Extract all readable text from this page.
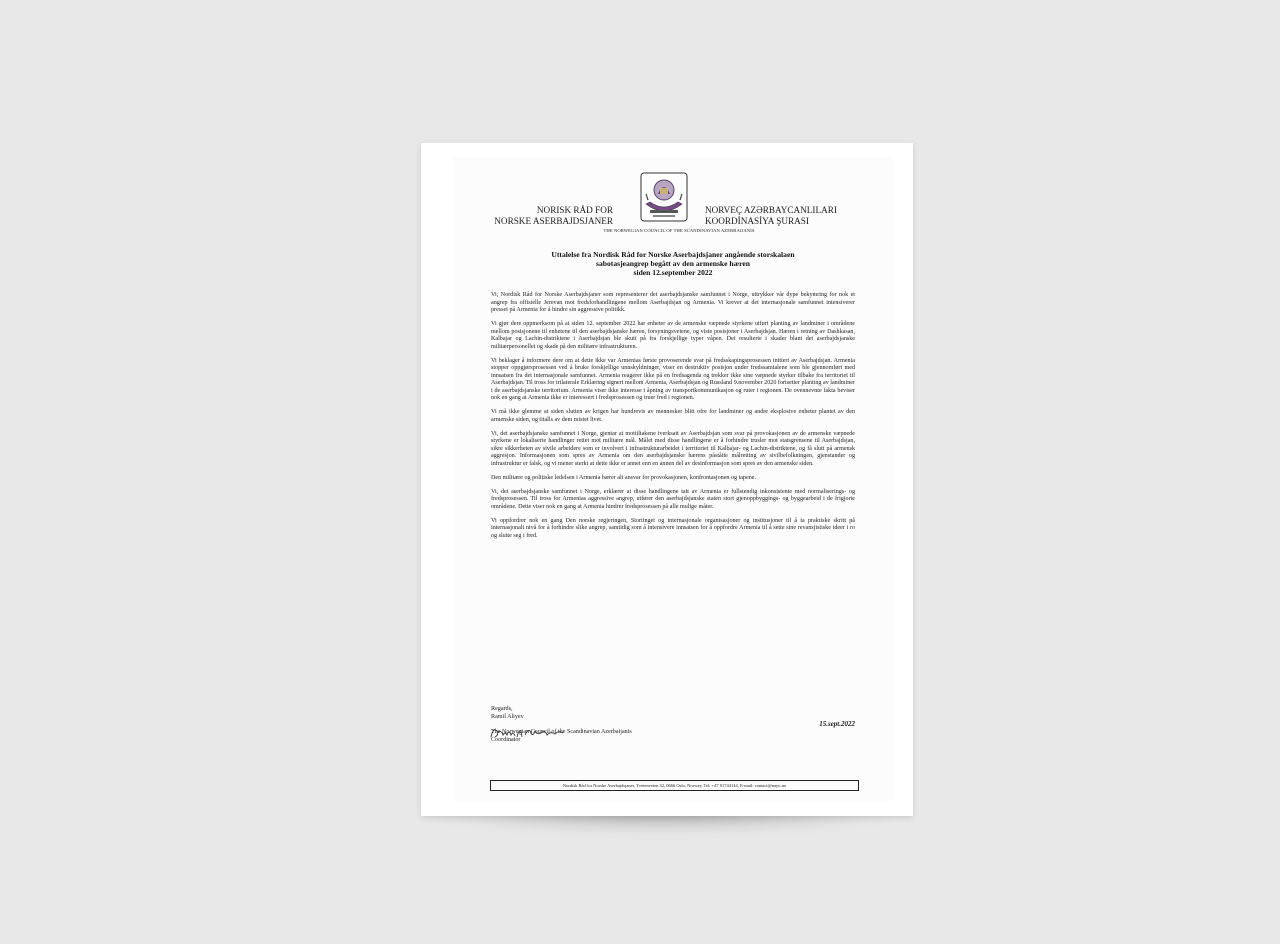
NORISK RÅD FOR
NORSKE ASERBAJDSJANER
NORVEÇ AZƏRBAYCANLILARI
KOORDİNASİYA ŞURASI
THE NORWEGIAN COUNCIL OF THE SCANDINAVIAN AZERBAIJANIS
Uttalelse fra Nordisk Råd for Norske Aserbajdsjaner angående storskalaen
sabotasjeangrep begått av den armenske hæren
siden 12.september 2022

Vi, Nordisk Råd for Norske Aserbajdsjaner som representerer det aserbajdsjanske samfunnet i Norge, uttrykker vår dype bekymring for nok et angrep fra offisielle Jerevan mot fredsforhandlingene mellom Aserbajdsjan og Armenia. Vi krever at det internasjonale samfunnet intensiverer presset på Armenia for å hindre sin aggressive politikk.

Vi gjør dere oppmerksom på at siden 12. september 2022 har enheter av de armenske væpnede styrkene utført planting av landminer i områdene mellom posisjonene til enhetene til den aserbajdsjanske hæren, forsyningsveiene, og viste posisjoner i Aserbajdsjan. Hæren i retning av Dashkasan, Kalbajar og Lachin-distriktene i Aserbajdsjan ble skutt på fra forskjellige typer våpen. Det resulterte i skader blant det aserbajdsjanske militærpersonellet og skade på den militære infrastrukturen.

Vi beklager å informere dere om at dette ikke var Armenias første provoserende svar på fredsskapingsprosessen initiert av Aserbajdsjan. Armenia stopper oppgjørsprosessen ved å bruke forskjellige unnskyldninger, viser en destruktiv posisjon under fredssamtalene som ble gjennomført med innsatsen fra det internasjonale samfunnet. Armenia reagerer ikke på en fredsagenda og trekker ikke sine væpnede styrker tilbake fra territoriet til Aserbajdsjan. Til tross for trilaterale Erklæring signert mellom Armenia, Aserbajdsjan og Russland 9.november 2020 fortsetter planting av landminer i de aserbajdsjanske territorium. Armenia viser ikke interesse i åpning av transportkommunikasjon og ruter i regionen. De ovennevnte fakta beviser nok en gang at Armenia ikke er interessert i fredsprosessen og truer fred i regionen.

Vi må ikke glemme at siden slutten av krigen har hundrevis av mennesker blitt ofre for landminer og andre eksplosive enheter plantet av den armenske siden, og titalls av dem mistet livet.

Vi, det aserbajdsjanske samfunnet i Norge, gjentar at mottiltakene iverksatt av Aserbajdsjan som svar på provokasjonen av de armenske væpnede styrkene er lokaliserte handlinger rettet mot militære mål. Målet med disse handlingene er å forhindre trusler mot statsgrensene til Aserbajdsjan, sikre sikkerheten av sivile arbeidere som er involvert i infrastrukturarbeidet i territoriet til Kalbajar- og Lachin-distriktene, og få slutt på armensk aggresjon. Informasjonen som spres av Armenia om den aserbajdsjanske hærens påståtte målretting av sivilbefolkningen, gjenstander og infrastruktur er falsk, og vi mener sterkt at dette ikke er annet enn en annen del av desinformasjon som spres av den armenske siden.

Den militære og politiske ledelsen i Armenia bærer alt ansvar for provokasjonen, konfrontasjonen og tapene.

Vi, det aserbajdsjanske samfunnet i Norge, erklærer at disse handlingene tatt av Armenia er fullstendig inkonsistente med normaliserings- og fredsprosessen. Til tross for Armenias aggressive angrep, utfører den aserbajdsjanske staten stort gjenoppbyggings- og byggearbeid i de frigjorte områdene. Dette viser nok en gang at Armenia hindrer fredsprosessen på alle mulige måter.

Vi oppfordrer nok en gang Den norske regjeringen, Stortinget og internasjonale organisasjoner og institusjoner til å ta praktiske skritt på internasjonalt nivå for å forhindre slike angrep, samtidig som å intensivere innsatsen for å oppfordre Armenia til å sette sine revansjistiske ideer i ro og slutte seg i fred.

Regards,
Ramil Aliyev
15.sept.2022
The Norwegian Council of the Scandinavian Azerbaijanis
Coordinator
Nordisk Råd for Norske Aserbajdsjaner, Tvetenveien 32, 0666 Oslo, Norway, Tel: +47 91744144, E-mail: contact@nayo.no
